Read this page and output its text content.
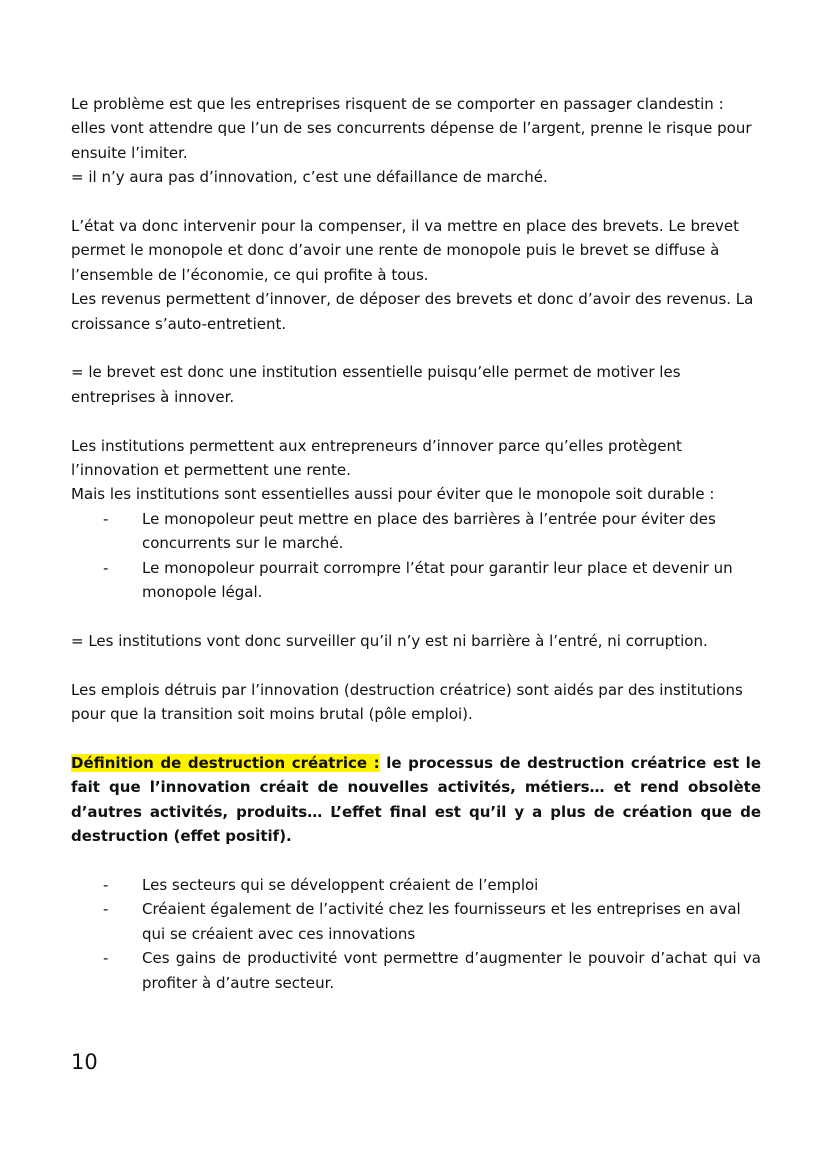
Le problème est que les entreprises risquent de se comporter en passager clandestin : elles vont attendre que l’un de ses concurrents dépense de l’argent, prenne le risque pour ensuite l’imiter.

= il n’y aura pas d’innovation, c’est une défaillance de marché.

L’état va donc intervenir pour la compenser, il va mettre en place des brevets. Le brevet permet le monopole et donc d’avoir une rente de monopole puis le brevet se diffuse à l’ensemble de l’économie, ce qui profite à tous.

Les revenus permettent d’innover, de déposer des brevets et donc d’avoir des revenus. La croissance s’auto-entretient.

= le brevet est donc une institution essentielle puisqu’elle permet de motiver les entreprises à innover.

Les institutions permettent aux entrepreneurs d’innover parce qu’elles protègent l’innovation et permettent une rente.

Mais les institutions sont essentielles aussi pour éviter que le monopole soit durable :

- Le monopoleur peut mettre en place des barrières à l’entrée pour éviter des concurrents sur le marché.
- Le monopoleur pourrait corrompre l’état pour garantir leur place et devenir un monopole légal.

= Les institutions vont donc surveiller qu’il n’y est ni barrière à l’entré, ni corruption.

Les emplois détruis par l’innovation (destruction créatrice) sont aidés par des institutions pour que la transition soit moins brutal (pôle emploi).

Définition de destruction créatrice : le processus de destruction créatrice est le fait que l’innovation créait de nouvelles activités, métiers… et rend obsolète d’autres activités, produits… L’effet final est qu’il y a plus de création que de destruction (effet positif).

- Les secteurs qui se développent créaient de l’emploi
- Créaient également de l’activité chez les fournisseurs et les entreprises en aval qui se créaient avec ces innovations
- Ces gains de productivité vont permettre d’augmenter le pouvoir d’achat qui va profiter à d’autre secteur.
10
